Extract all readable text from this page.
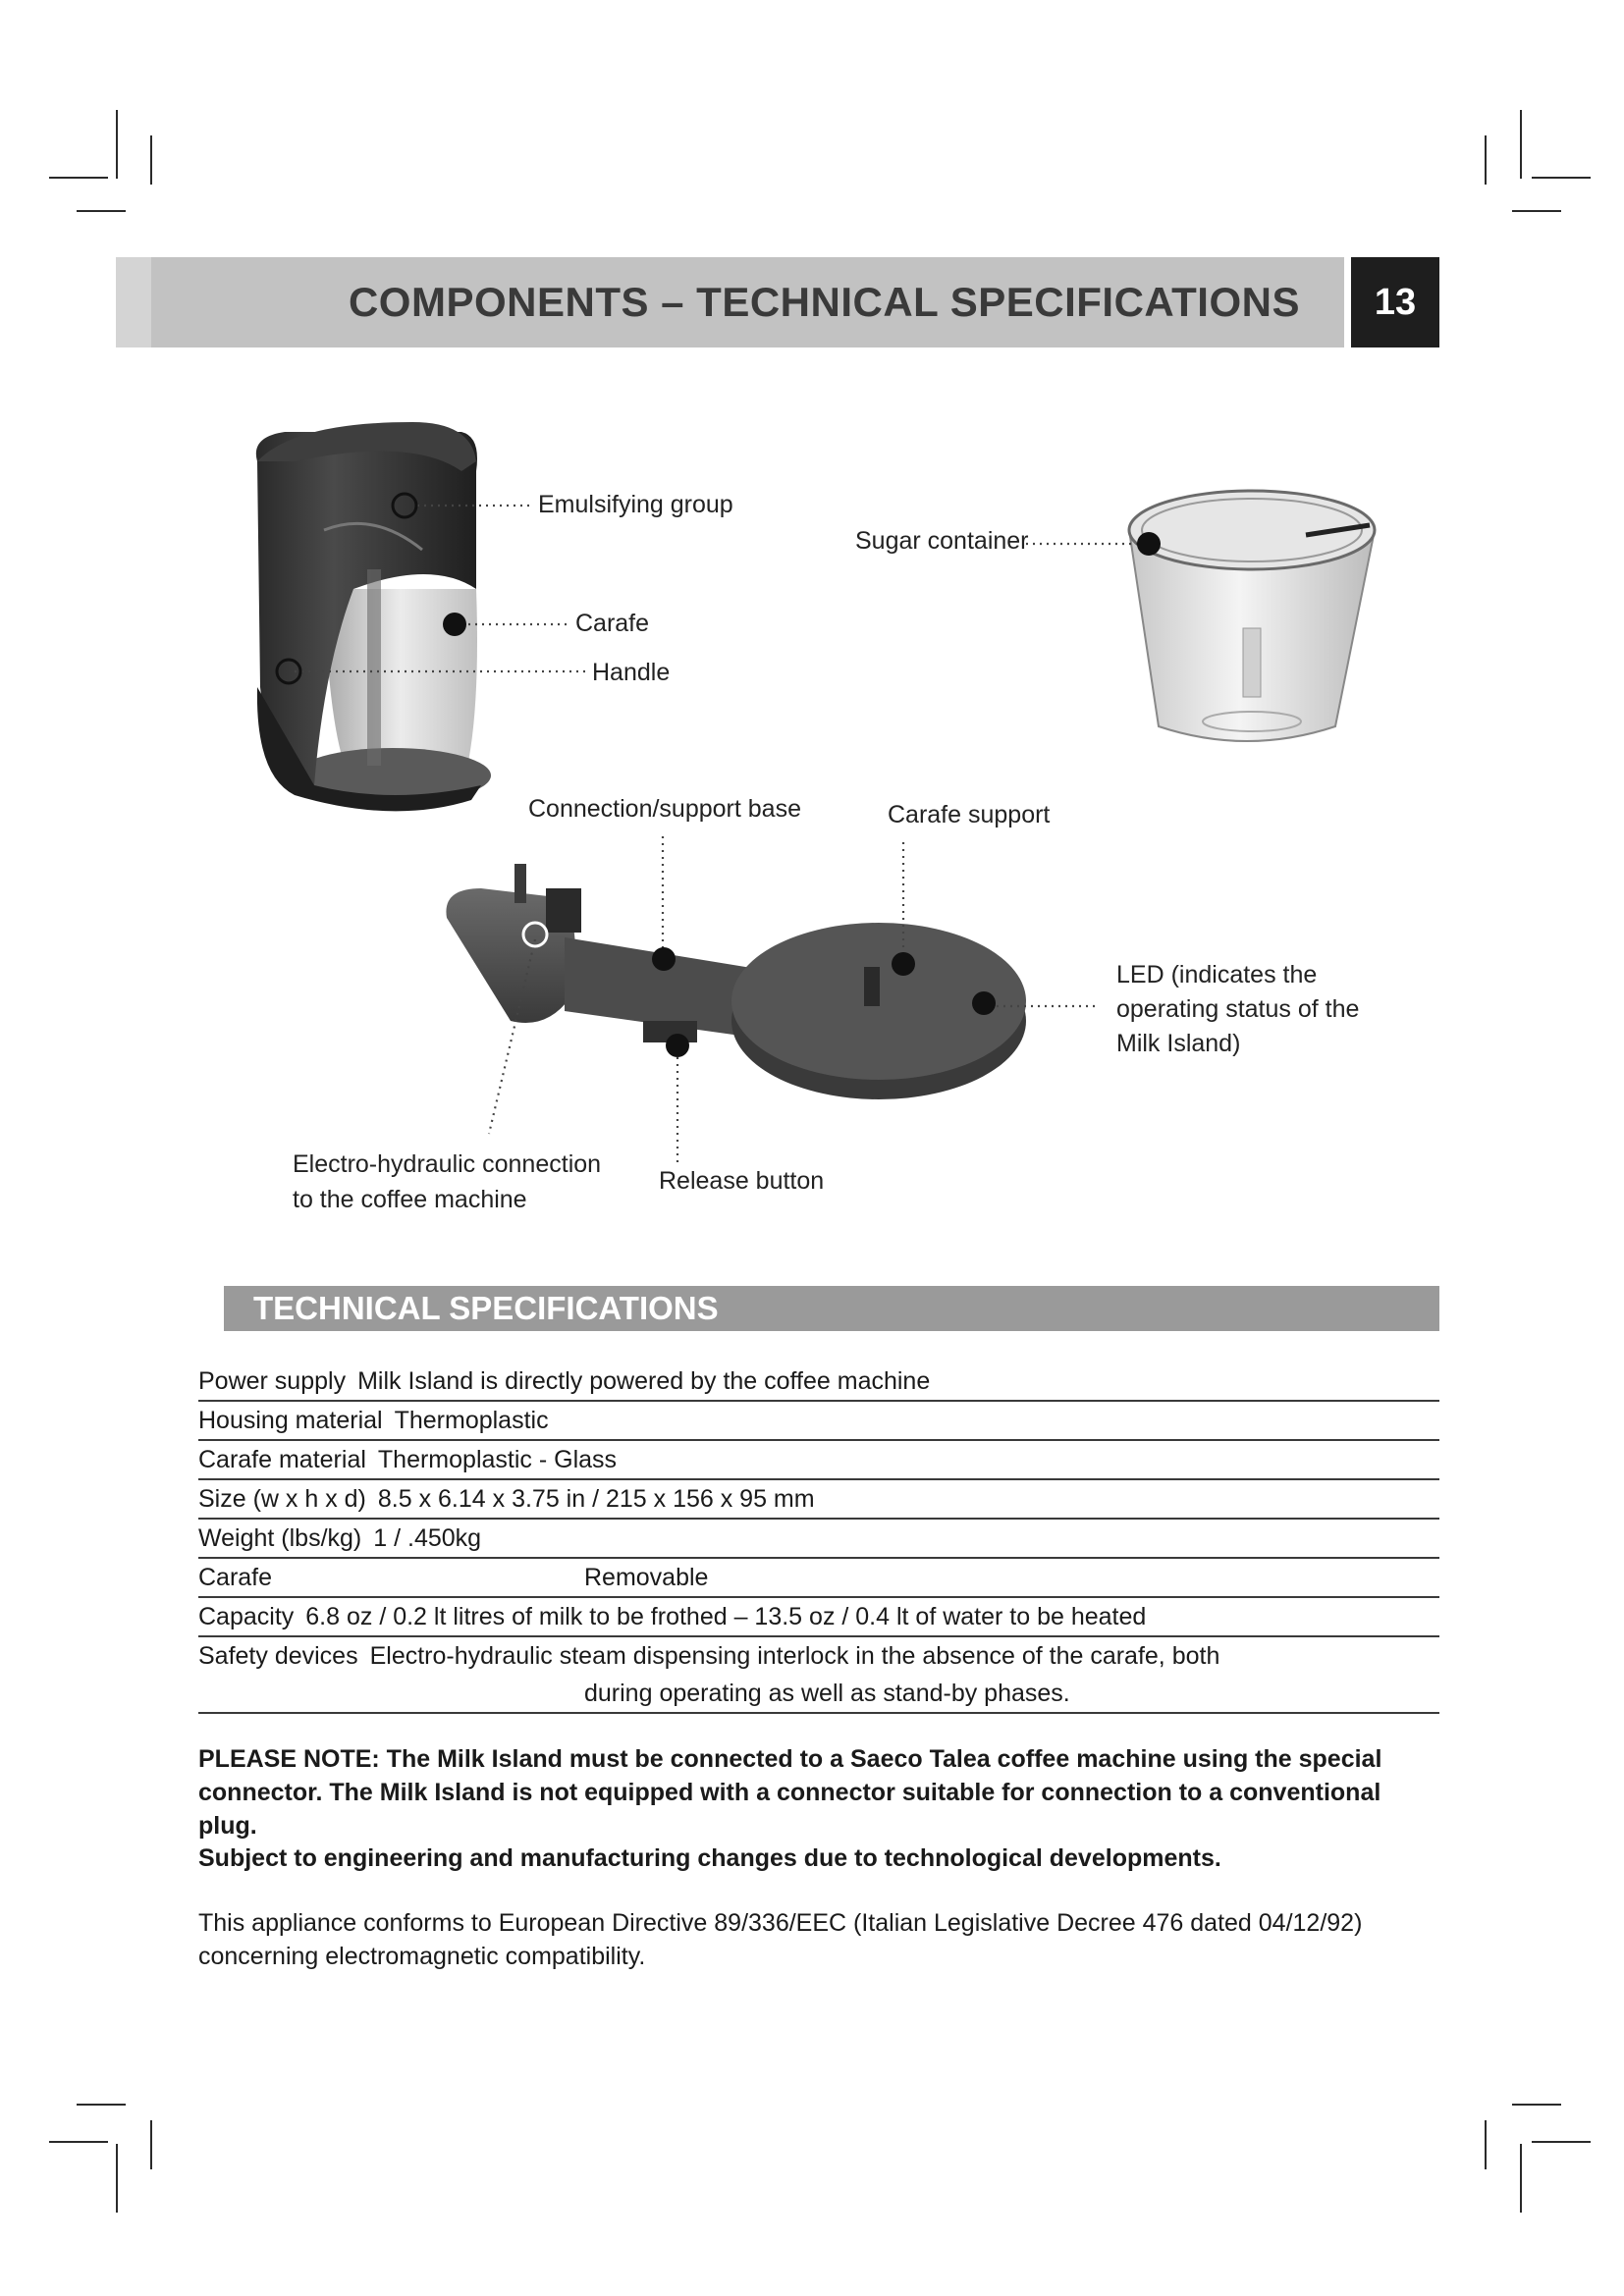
COMPONENTS – TECHNICAL SPECIFICATIONS	13
Emulsifying group
Carafe
Handle
Sugar container
Connection/support base	Carafe support
LED (indicates the
operating status of the
Milk Island)
Electro-hydraulic connection
to the coffee machine
Release button
TECHNICAL SPECIFICATIONS
Power supply Milk Island is directly powered by the coffee machine
Housing material Thermoplastic
Carafe material Thermoplastic - Glass
Size (w x h x d) 8.5 x 6.14 x 3.75 in / 215 x 156 x 95 mm
Weight (lbs/kg) 1 / .450kg
Carafe	Removable
Capacity 6.8 oz / 0.2 lt litres of milk to be frothed – 13.5 oz / 0.4 lt of water to be heated
Safety devices Electro-hydraulic steam dispensing interlock in the absence of the carafe, both
during operating as well as stand-by phases.
PLEASE NOTE: The Milk Island must be connected to a Saeco Talea coffee machine using the special connector. The Milk Island is not equipped with a connector suitable for connection to a conventional plug.
Subject to engineering and manufacturing changes due to technological developments.
This appliance conforms to European Directive 89/336/EEC (Italian Legislative Decree 476 dated 04/12/92) concerning electromagnetic compatibility.
